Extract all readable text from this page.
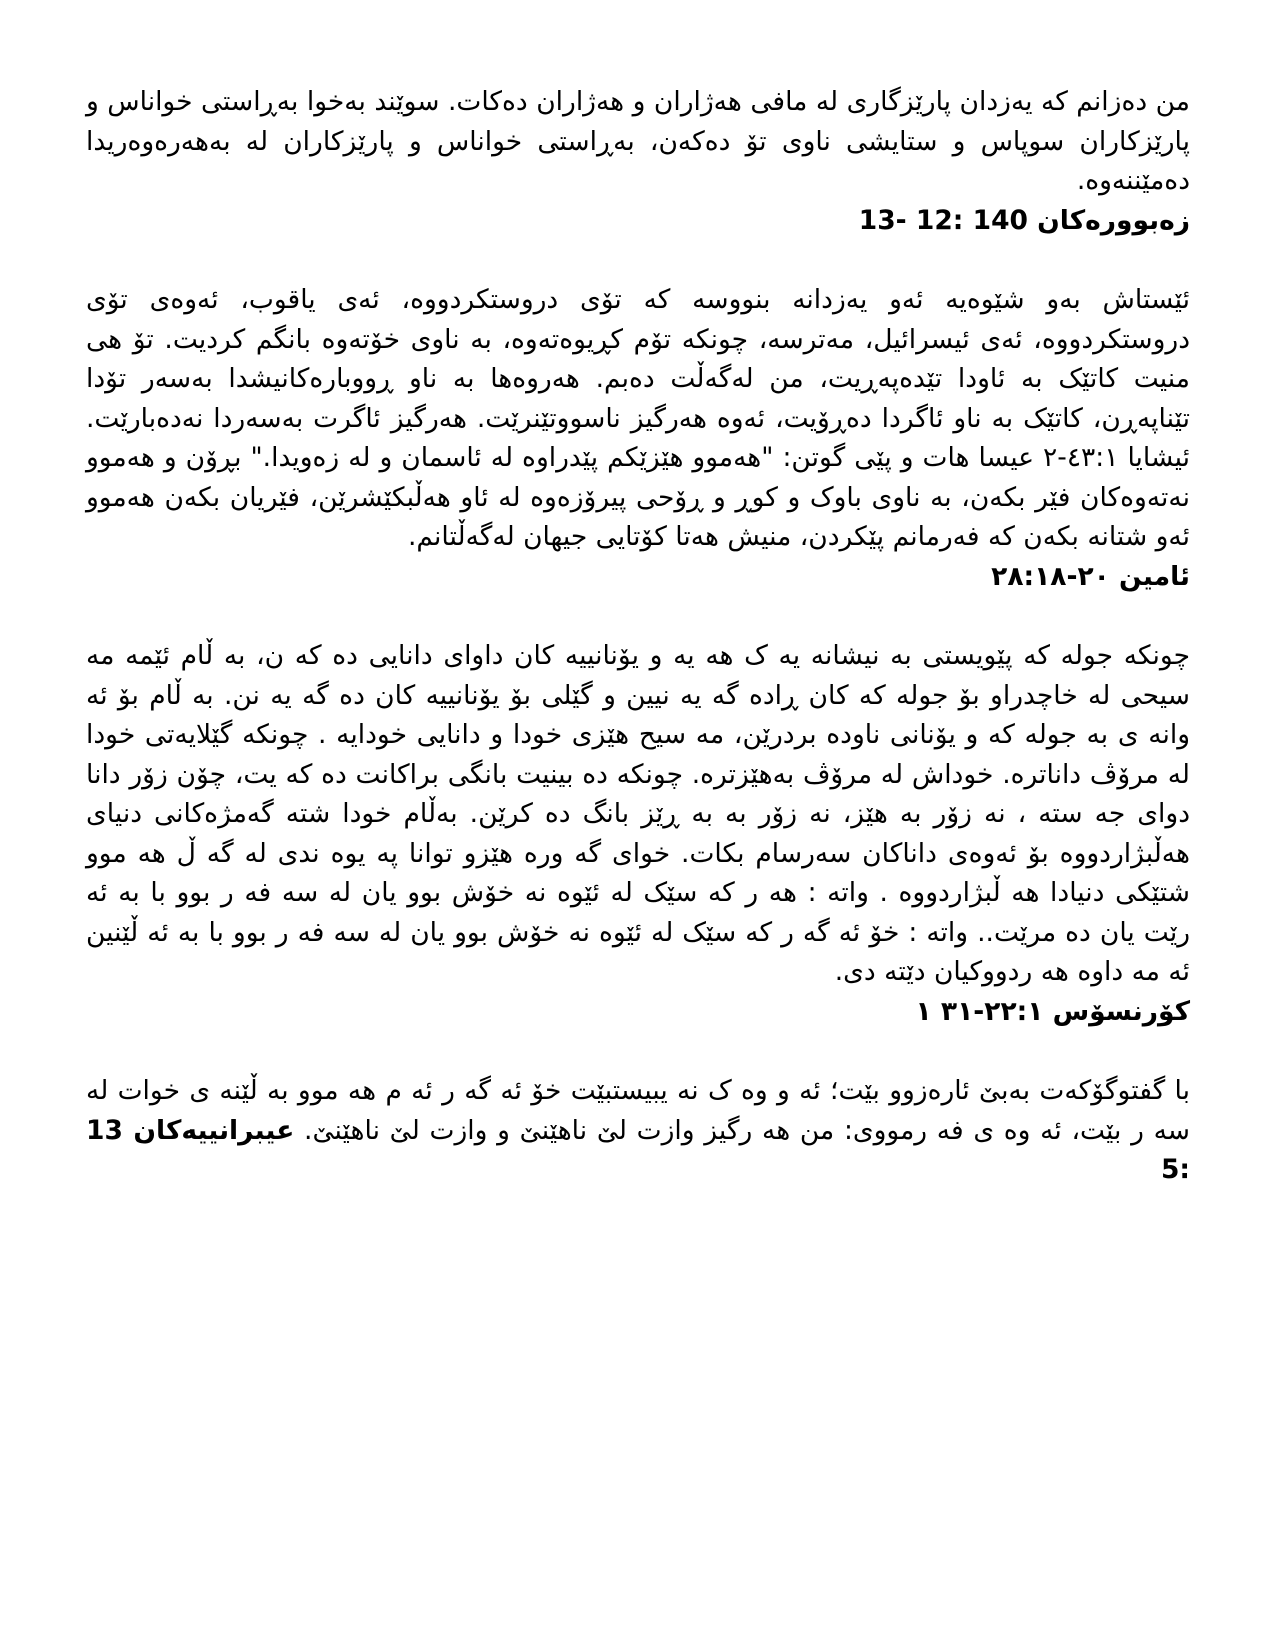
من دەزانم کە یەزدان پارێزگاری لە مافی هەژاران و هەژاران دەکات. سوێند بەخوا بەڕاستی خواناس و پارێزکاران سوپاس و ستایشی ناوی تۆ دەکەن، بەڕاستی خواناس و پارێزکاران لە بەهەرەوەریدا دەمێننەوە.

زەبوورەکان 140 :12 -13

ئێستاش بەو شێوەیە ئەو یەزدانە بنووسە کە تۆی دروستکردووە، ئەی یاقوب، ئەوەی تۆی دروستکردووە، ئەی ئیسرائیل، مەترسە، چونکە تۆم کڕیوەتەوە، بە ناوی خۆتەوە بانگم کردیت. تۆ هی منیت کاتێک بە ئاودا تێدەپەڕیت، من لەگەڵت دەبم. هەروەها بە ناو ڕووبارەکانیشدا بەسەر تۆدا تێناپەڕن، کاتێک بە ناو ئاگردا دەڕۆیت، ئەوە هەرگیز ناسووتێنرێت. هەرگیز ئاگرت بەسەردا نەدەبارێت. ئیشایا ٤٣:١-٢ عیسا هات و پێی گوتن: "هەموو هێزێکم پێدراوە لە ئاسمان و لە زەویدا." بڕۆن و هەموو نەتەوەکان فێر بکەن، بە ناوی باوک و کوڕ و ڕۆحی پیرۆزەوە لە ئاو هەڵبکێشرێن، فێریان بکەن هەموو ئەو شتانە بکەن کە فەرمانم پێکردن، منیش هەتا کۆتایی جیهان لەگەڵتانم.

ئامین ٢٠-٢٨:١٨

چونکە جولە کە پێویستی بە نیشانە یە ک هە یە و یۆنانییە کان داوای دانایی دە کە ن، بە ڵام ئێمە مە سیحی لە خاچدراو بۆ جولە کە کان ڕادە گە یە نیین و گێلی بۆ یۆنانییە کان دە گە یە نن. بە ڵام بۆ ئە وانە ی بە جولە کە و یۆنانی ناودە بردرێن، مە سیح هێزی خودا و دانایی خودایە . چونکە گێلایەتی خودا لە مرۆڤ داناترە. خوداش لە مرۆڤ بەهێزترە. چونکە دە بینیت بانگی براکانت دە کە یت، چۆن زۆر دانا دوای جە ستە ، نە زۆر بە هێز، نە زۆر بە بە ڕێز بانگ دە کرێن. بەڵام خودا شتە گەمژەکانی دنیای هەڵبژاردووە بۆ ئەوەی داناکان سەرسام بکات. خوای گە ورە هێزو توانا پە یوە ندی لە گە ڵ هە موو شتێکی دنیادا هە ڵبژاردووە . واتە : هە ر کە سێک لە ئێوە نە خۆش بوو یان لە سە فە ر بوو با بە ئە رێت یان دە مرێت.. واتە : خۆ ئە گە ر کە سێک لە ئێوە نە خۆش بوو یان لە سە فە ر بوو با بە ئە ڵێنین ئە مە داوە هە ردووکیان دێتە دی.

کۆرنسۆس ٢٢:١-٣١ ١

با گفتوگۆکەت بەبێ ئارەزوو بێت؛ ئە و وە ک نە یبیستبێت خۆ ئە گە ر ئە م هە موو بە ڵێنە ی خوات لە سە ر بێت، ئە وە ی فە رمووی: من هە رگیز وازت لێ ناهێنێ و وازت لێ ناهێنێ. عیبرانییەکان 13 :5
